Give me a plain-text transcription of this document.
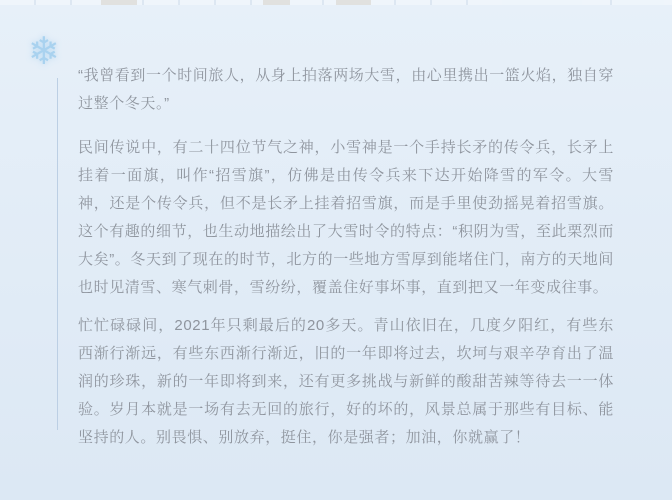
❄

“我曾看到一个时间旅人，从身上拍落两场大雪，由心里携出一篮火焰，独自穿过整个冬天。”

民间传说中，有二十四位节气之神，小雪神是一个手持长矛的传令兵，长矛上挂着一面旗，叫作“招雪旗”，仿佛是由传令兵来下达开始降雪的军令。大雪神，还是个传令兵，但不是长矛上挂着招雪旗，而是手里使劲摇晃着招雪旗。 这个有趣的细节，也生动地描绘出了大雪时令的特点：“积阴为雪，至此栗烈而大矣”。冬天到了现在的时节，北方的一些地方雪厚到能堵住门，南方的天地间也时见清雪、寒气刺骨，雪纷纷，覆盖住好事坏事，直到把又一年变成往事。

忙忙碌碌间，2021年只剩最后的20多天。青山依旧在，几度夕阳红，有些东西渐行渐远，有些东西渐行渐近，旧的一年即将过去，坎坷与艰辛孕育出了温润的珍珠，新的一年即将到来，还有更多挑战与新鲜的酸甜苦辣等待去一一体验。岁月本就是一场有去无回的旅行，好的坏的，风景总属于那些有目标、能坚持的人。别畏惧、别放弃，挺住，你是强者；加油，你就赢了！
